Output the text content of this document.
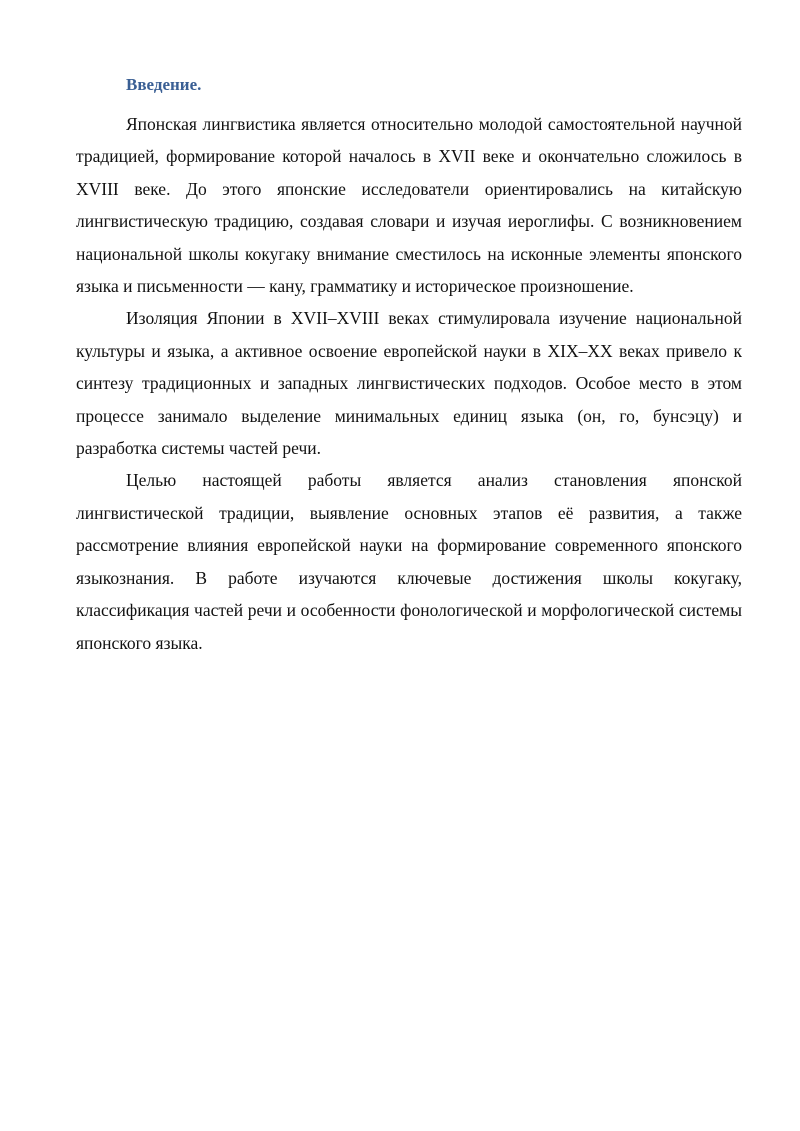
Введение.

Японская лингвистика является относительно молодой самостоятельной научной традицией, формирование которой началось в XVII веке и окончательно сложилось в XVIII веке. До этого японские исследователи ориентировались на китайскую лингвистическую традицию, создавая словари и изучая иероглифы. С возникновением национальной школы кокугаку внимание сместилось на исконные элементы японского языка и письменности — кану, грамматику и историческое произношение.

Изоляция Японии в XVII–XVIII веках стимулировала изучение национальной культуры и языка, а активное освоение европейской науки в XIX–XX веках привело к синтезу традиционных и западных лингвистических подходов. Особое место в этом процессе занимало выделение минимальных единиц языка (он, го, бунсэцу) и разработка системы частей речи.

Целью настоящей работы является анализ становления японской лингвистической традиции, выявление основных этапов её развития, а также рассмотрение влияния европейской науки на формирование современного японского языкознания. В работе изучаются ключевые достижения школы кокугаку, классификация частей речи и особенности фонологической и морфологической системы японского языка.
